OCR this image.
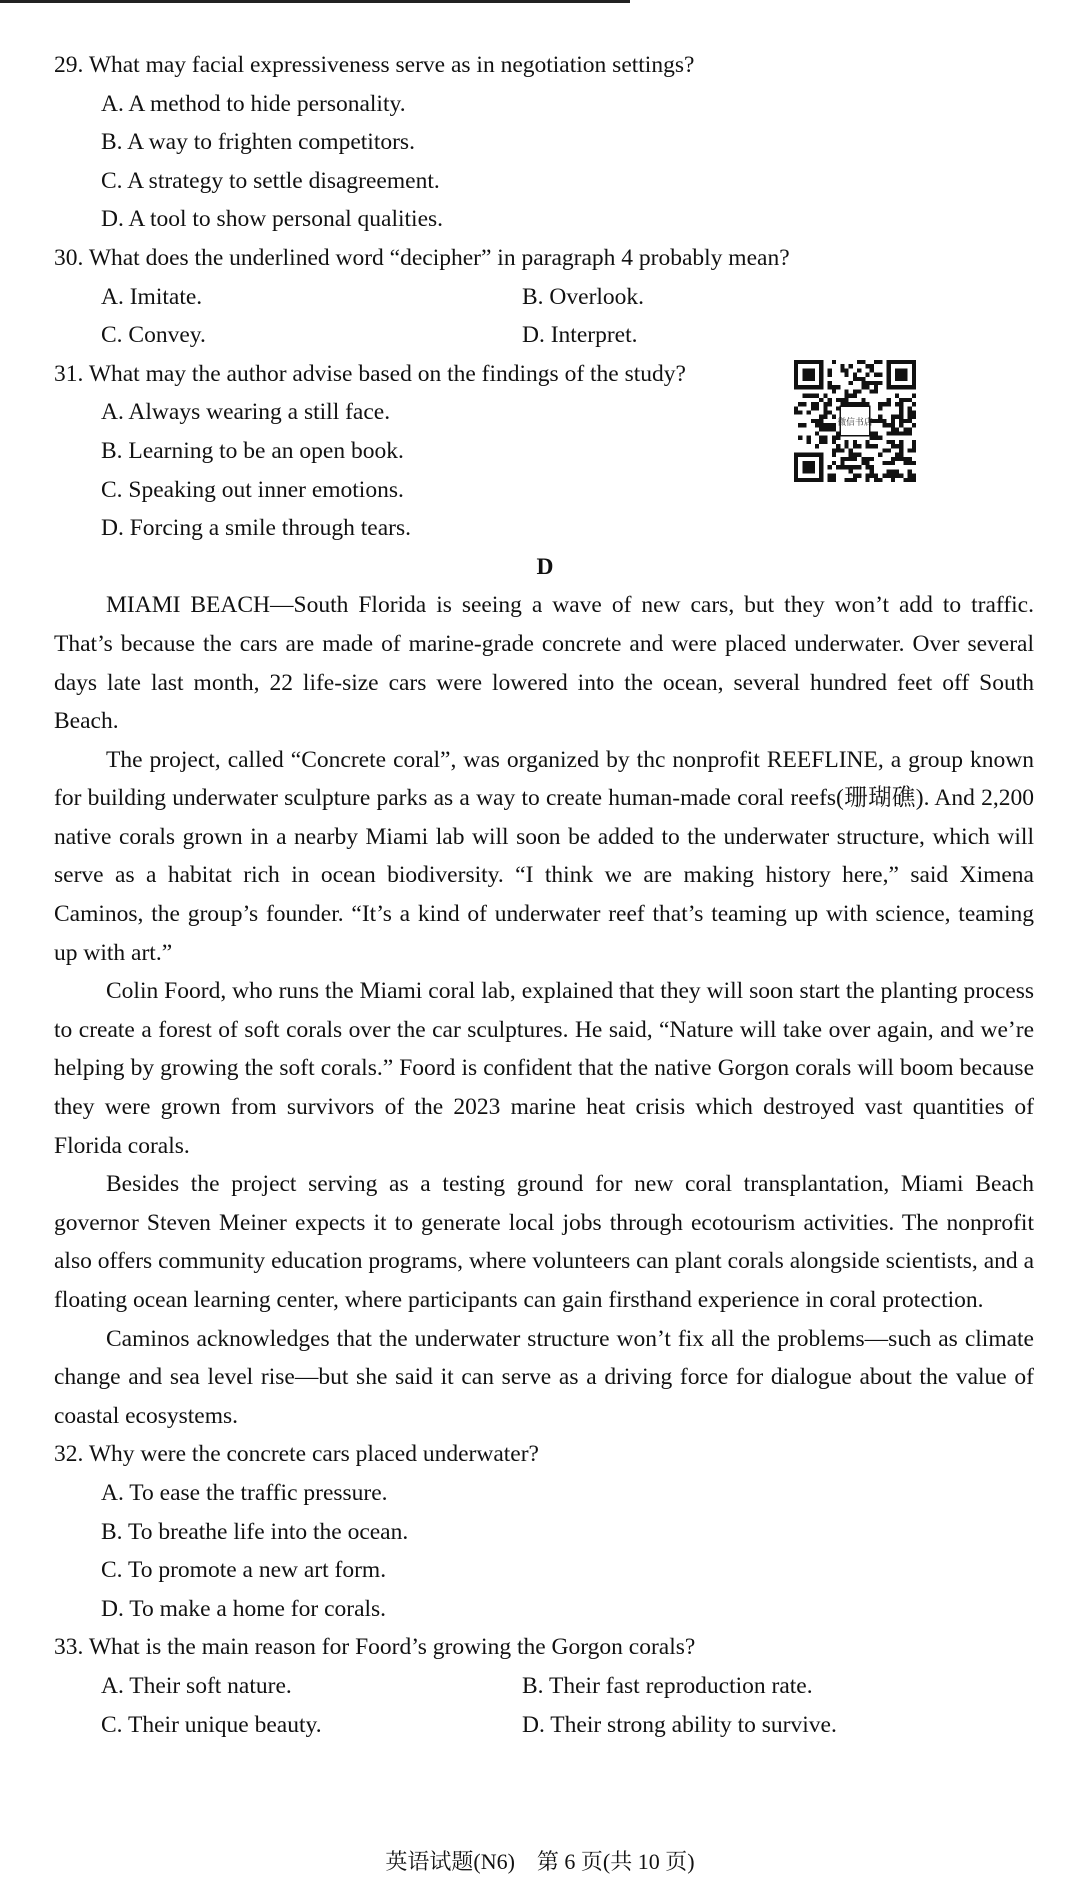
29. What may facial expressiveness serve as in negotiation settings?
A. A method to hide personality.
B. A way to frighten competitors.
C. A strategy to settle disagreement.
D. A tool to show personal qualities.
30. What does the underlined word “decipher” in paragraph 4 probably mean?
A. Imitate.	B. Overlook.
C. Convey.	D. Interpret.
31. What may the author advise based on the findings of the study?
A. Always wearing a still face.
B. Learning to be an open book.
C. Speaking out inner emotions.
D. Forcing a smile through tears.
D

MIAMI BEACH—South Florida is seeing a wave of new cars, but they won’t add to traffic. That’s because the cars are made of marine-grade concrete and were placed underwater. Over several days late last month, 22 life-size cars were lowered into the ocean, several hundred feet off South Beach.

The project, called “Concrete coral”, was organized by thc nonprofit REEFLINE, a group known for building underwater sculpture parks as a way to create human-made coral reefs(珊瑚礁). And 2,200 native corals grown in a nearby Miami lab will soon be added to the underwater structure, which will serve as a habitat rich in ocean biodiversity. “I think we are making history here,” said Ximena Caminos, the group’s founder. “It’s a kind of underwater reef that’s teaming up with science, teaming up with art.”

Colin Foord, who runs the Miami coral lab, explained that they will soon start the planting process to create a forest of soft corals over the car sculptures. He said, “Nature will take over again, and we’re helping by growing the soft corals.” Foord is confident that the native Gorgon corals will boom because they were grown from survivors of the 2023 marine heat crisis which destroyed vast quantities of Florida corals.

Besides the project serving as a testing ground for new coral transplantation, Miami Beach governor Steven Meiner expects it to generate local jobs through ecotourism activities. The nonprofit also offers community education programs, where volunteers can plant corals alongside scientists, and a floating ocean learning center, where participants can gain firsthand experience in coral protection.

Caminos acknowledges that the underwater structure won’t fix all the problems—such as climate change and sea level rise—but she said it can serve as a driving force for dialogue about the value of coastal ecosystems.

32. Why were the concrete cars placed underwater?
A. To ease the traffic pressure.
B. To breathe life into the ocean.
C. To promote a new art form.
D. To make a home for corals.
33. What is the main reason for Foord’s growing the Gorgon corals?
A. Their soft nature.	B. Their fast reproduction rate.
C. Their unique beauty.	D. Their strong ability to survive.
微信书店
英语试题(N6)　第 6 页(共 10 页)
